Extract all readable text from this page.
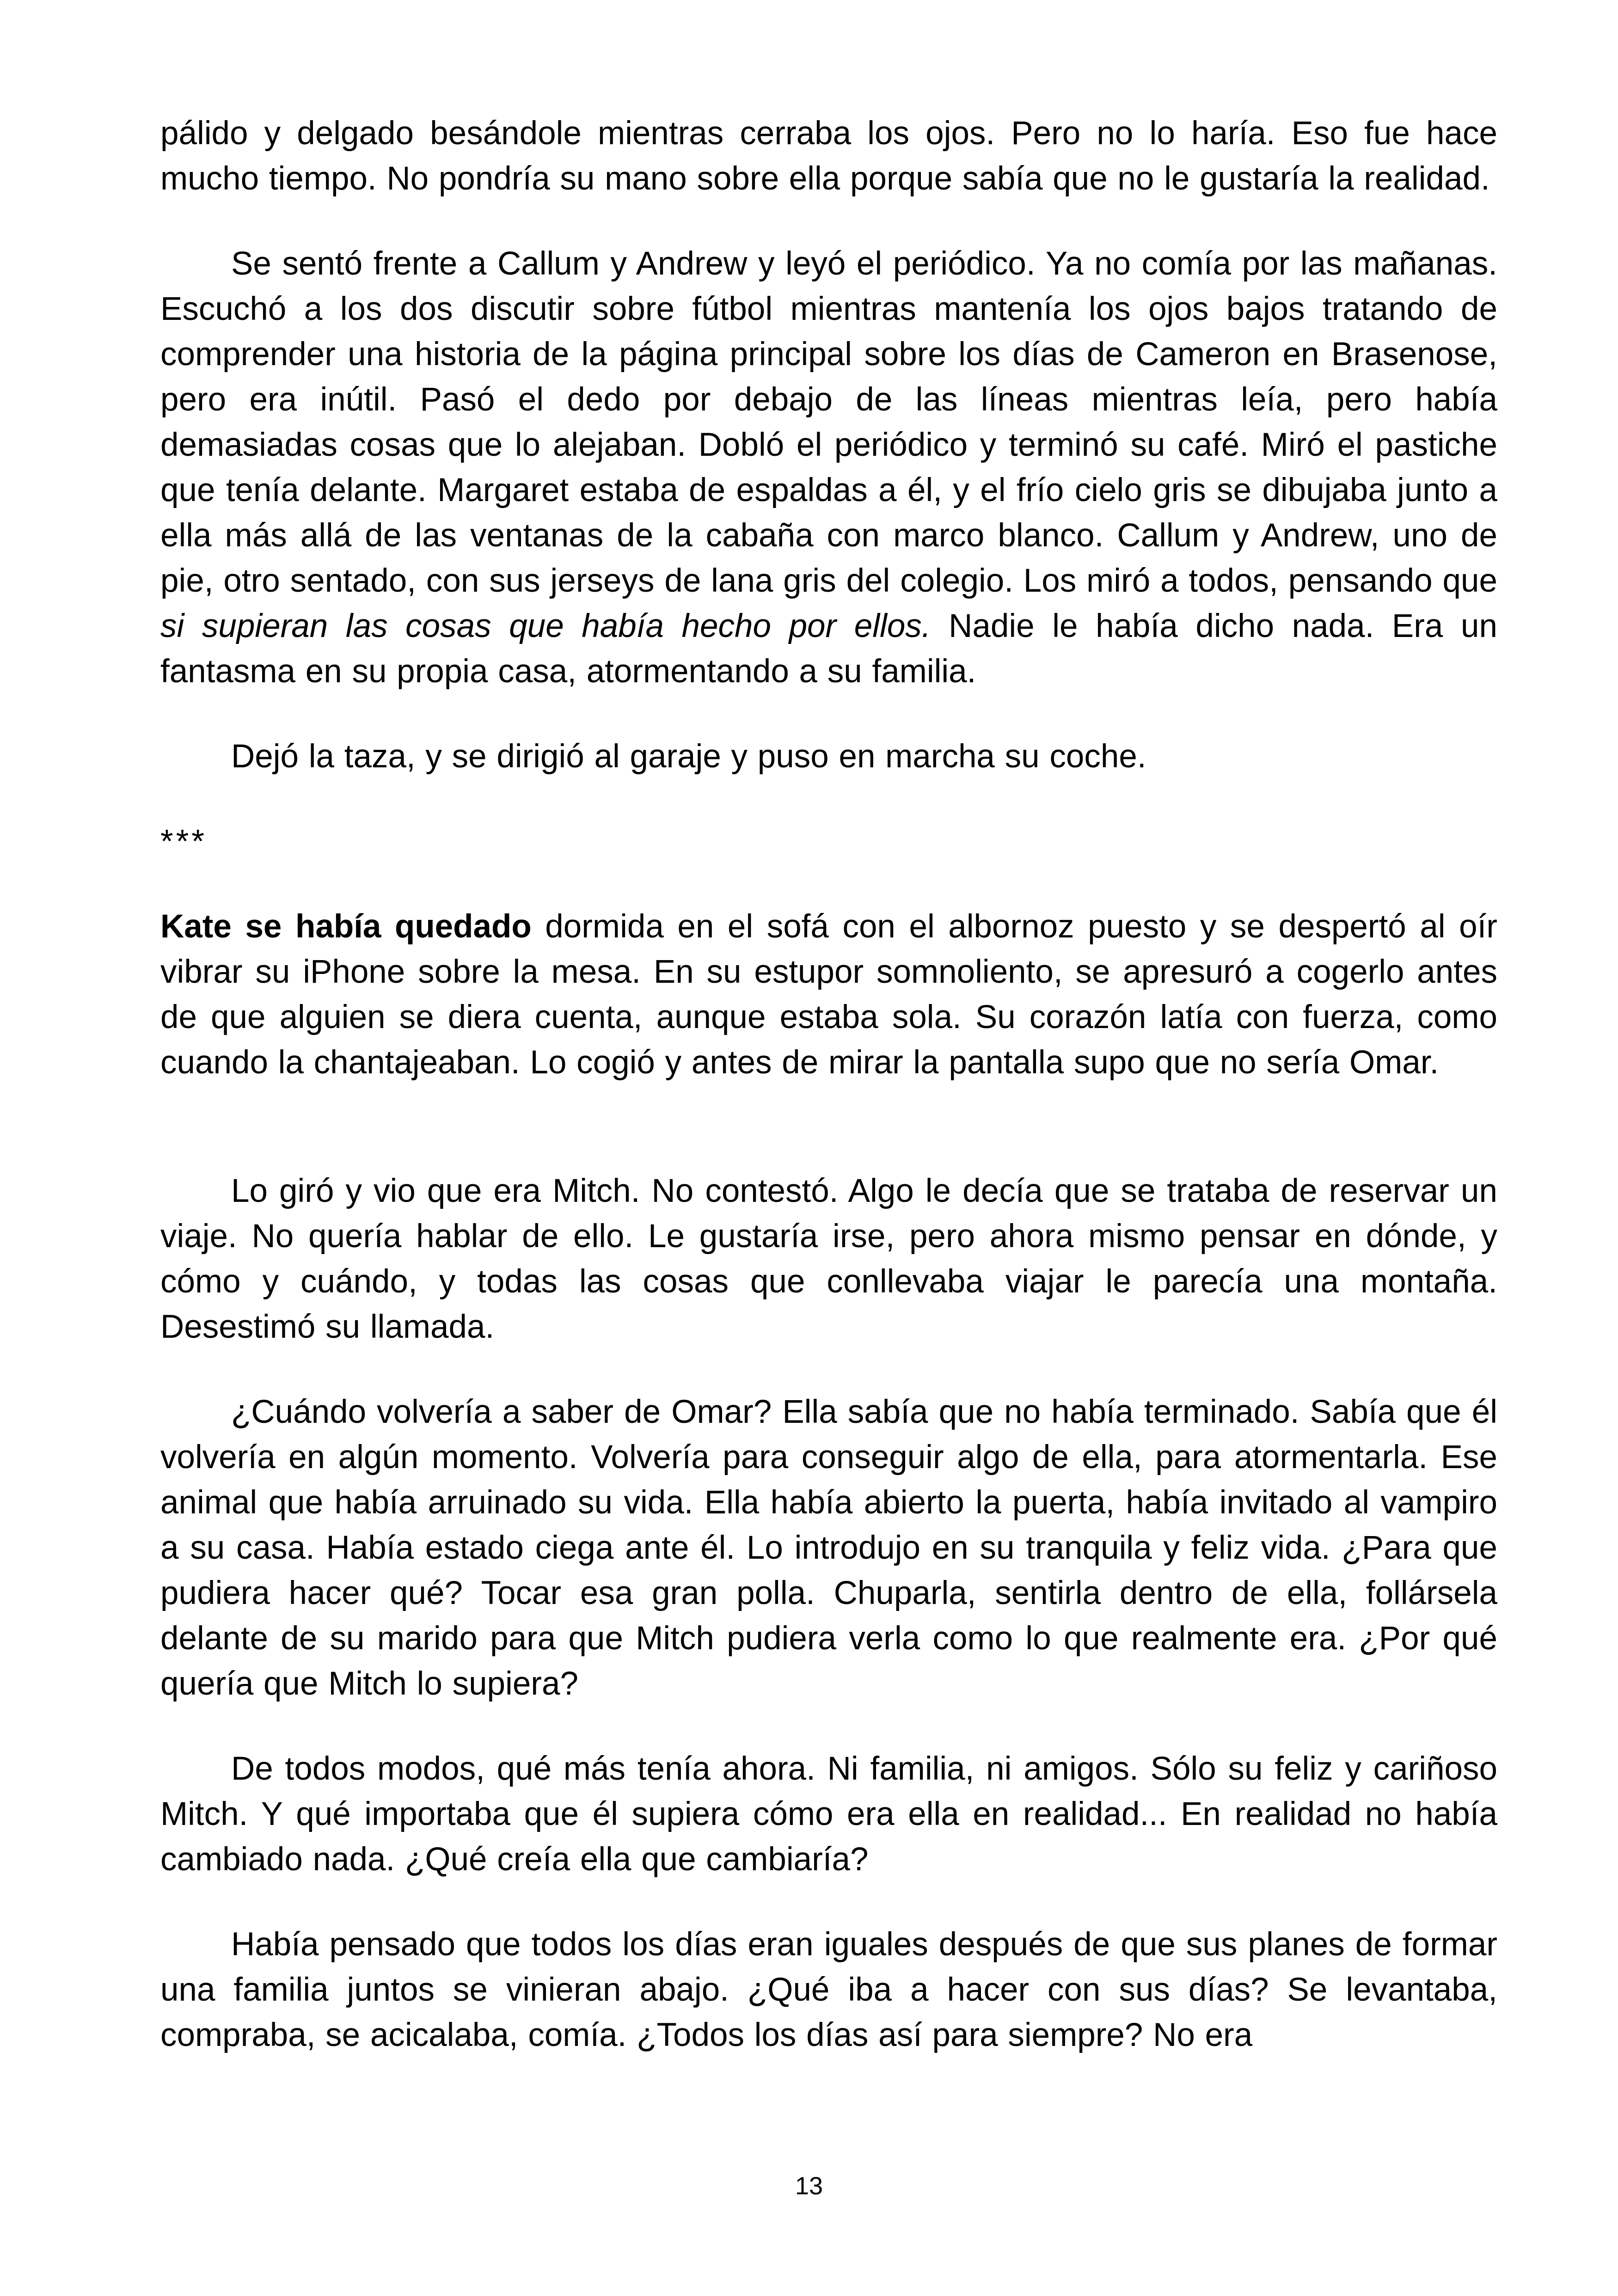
pálido y delgado besándole mientras cerraba los ojos. Pero no lo haría. Eso fue hace mucho tiempo. No pondría su mano sobre ella porque sabía que no le gustaría la realidad.

Se sentó frente a Callum y Andrew y leyó el periódico. Ya no comía por las mañanas. Escuchó a los dos discutir sobre fútbol mientras mantenía los ojos bajos tratando de comprender una historia de la página principal sobre los días de Cameron en Brasenose, pero era inútil. Pasó el dedo por debajo de las líneas mientras leía, pero había demasiadas cosas que lo alejaban. Dobló el periódico y terminó su café. Miró el pastiche que tenía delante. Margaret estaba de espaldas a él, y el frío cielo gris se dibujaba junto a ella más allá de las ventanas de la cabaña con marco blanco. Callum y Andrew, uno de pie, otro sentado, con sus jerseys de lana gris del colegio. Los miró a todos, pensando que si supieran las cosas que había hecho por ellos. Nadie le había dicho nada. Era un fantasma en su propia casa, atormentando a su familia.

Dejó la taza, y se dirigió al garaje y puso en marcha su coche.

***

Kate se había quedado dormida en el sofá con el albornoz puesto y se despertó al oír vibrar su iPhone sobre la mesa. En su estupor somnoliento, se apresuró a cogerlo antes de que alguien se diera cuenta, aunque estaba sola. Su corazón latía con fuerza, como cuando la chantajeaban. Lo cogió y antes de mirar la pantalla supo que no sería Omar.

Lo giró y vio que era Mitch. No contestó. Algo le decía que se trataba de reservar un viaje. No quería hablar de ello. Le gustaría irse, pero ahora mismo pensar en dónde, y cómo y cuándo, y todas las cosas que conllevaba viajar le parecía una montaña. Desestimó su llamada.

¿Cuándo volvería a saber de Omar? Ella sabía que no había terminado. Sabía que él volvería en algún momento. Volvería para conseguir algo de ella, para atormentarla. Ese animal que había arruinado su vida. Ella había abierto la puerta, había invitado al vampiro a su casa. Había estado ciega ante él. Lo introdujo en su tranquila y feliz vida. ¿Para que pudiera hacer qué? Tocar esa gran polla. Chuparla, sentirla dentro de ella, follársela delante de su marido para que Mitch pudiera verla como lo que realmente era. ¿Por qué quería que Mitch lo supiera?

De todos modos, qué más tenía ahora. Ni familia, ni amigos. Sólo su feliz y cariñoso Mitch. Y qué importaba que él supiera cómo era ella en realidad... En realidad no había cambiado nada. ¿Qué creía ella que cambiaría?

Había pensado que todos los días eran iguales después de que sus planes de formar una familia juntos se vinieran abajo. ¿Qué iba a hacer con sus días? Se levantaba, compraba, se acicalaba, comía. ¿Todos los días así para siempre? No era

13
